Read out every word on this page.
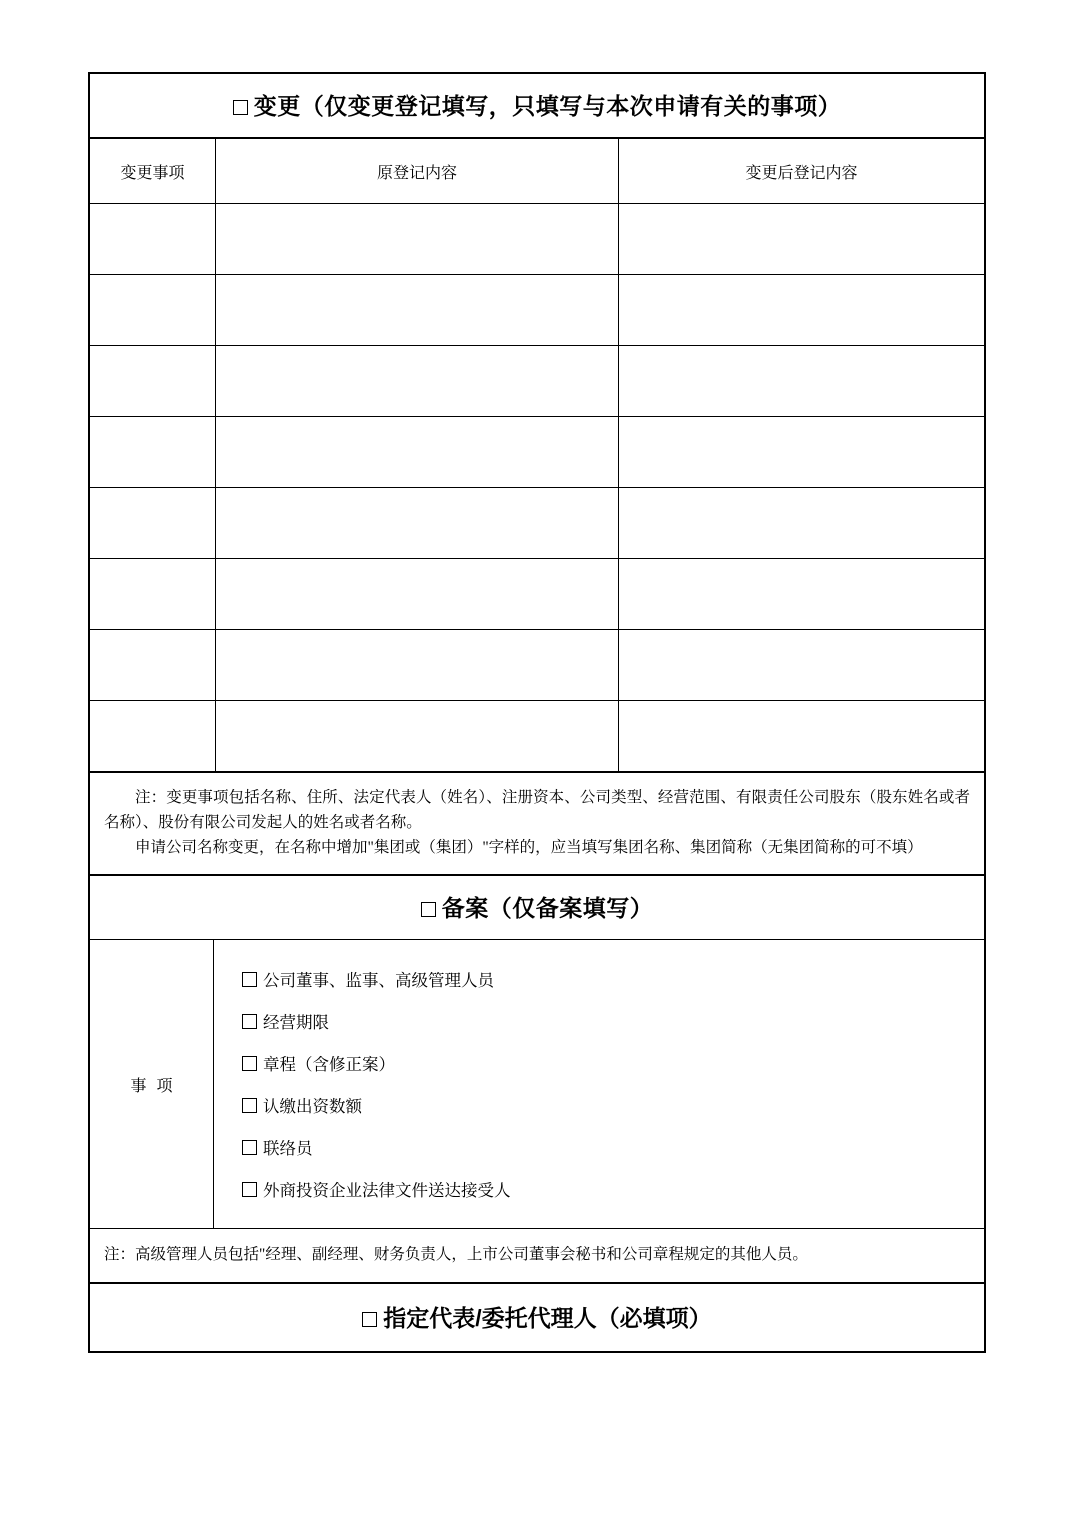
变更（仅变更登记填写，只填写与本次申请有关的事项）
变更事项	原登记内容	变更后登记内容

注：变更事项包括名称、住所、法定代表人（姓名）、注册资本、公司类型、经营范围、有限责任公司股东（股东姓名或者名称）、股份有限公司发起人的姓名或者名称。

申请公司名称变更，在名称中增加"集团或（集团）"字样的，应当填写集团名称、集团简称（无集团简称的可不填）

备案（仅备案填写）
事项
公司董事、监事、高级管理人员
经营期限
章程（含修正案）
认缴出资数额
联络员
外商投资企业法律文件送达接受人
注：高级管理人员包括"经理、副经理、财务负责人，上市公司董事会秘书和公司章程规定的其他人员。
指定代表/委托代理人（必填项）
